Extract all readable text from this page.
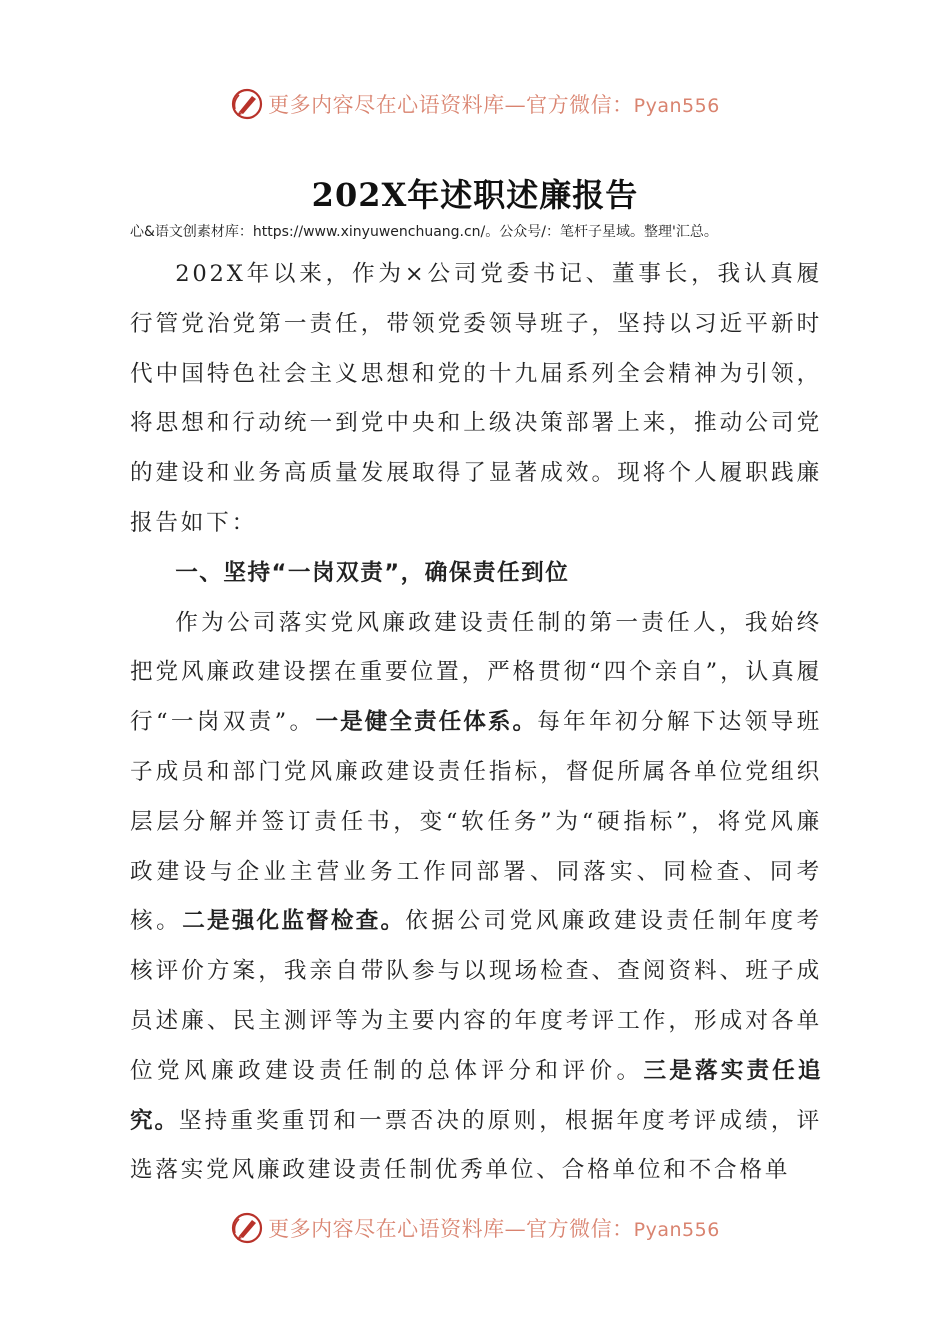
更多内容尽在心语资料库—官方微信：Pyan556
202X年述职述廉报告
心&语文创素材库：https://www.xinyuwenchuang.cn/。公众号/：笔杆子星域。整理'汇总。

202X年以来，作为×公司党委书记、董事长，我认真履行管党治党第一责任，带领党委领导班子，坚持以习近平新时代中国特色社会主义思想和党的十九届系列全会精神为引领，将思想和行动统一到党中央和上级决策部署上来，推动公司党的建设和业务高质量发展取得了显著成效。现将个人履职践廉报告如下：

一、坚持“一岗双责”，确保责任到位

作为公司落实党风廉政建设责任制的第一责任人，我始终把党风廉政建设摆在重要位置，严格贯彻“四个亲自”，认真履行“一岗双责”。一是健全责任体系。每年年初分解下达领导班子成员和部门党风廉政建设责任指标，督促所属各单位党组织层层分解并签订责任书，变“软任务”为“硬指标”，将党风廉政建设与企业主营业务工作同部署、同落实、同检查、同考核。二是强化监督检查。依据公司党风廉政建设责任制年度考核评价方案，我亲自带队参与以现场检查、查阅资料、班子成员述廉、民主测评等为主要内容的年度考评工作，形成对各单位党风廉政建设责任制的总体评分和评价。三是落实责任追究。坚持重奖重罚和一票否决的原则，根据年度考评成绩，评选落实党风廉政建设责任制优秀单位、合格单位和不合格单

更多内容尽在心语资料库—官方微信：Pyan556
